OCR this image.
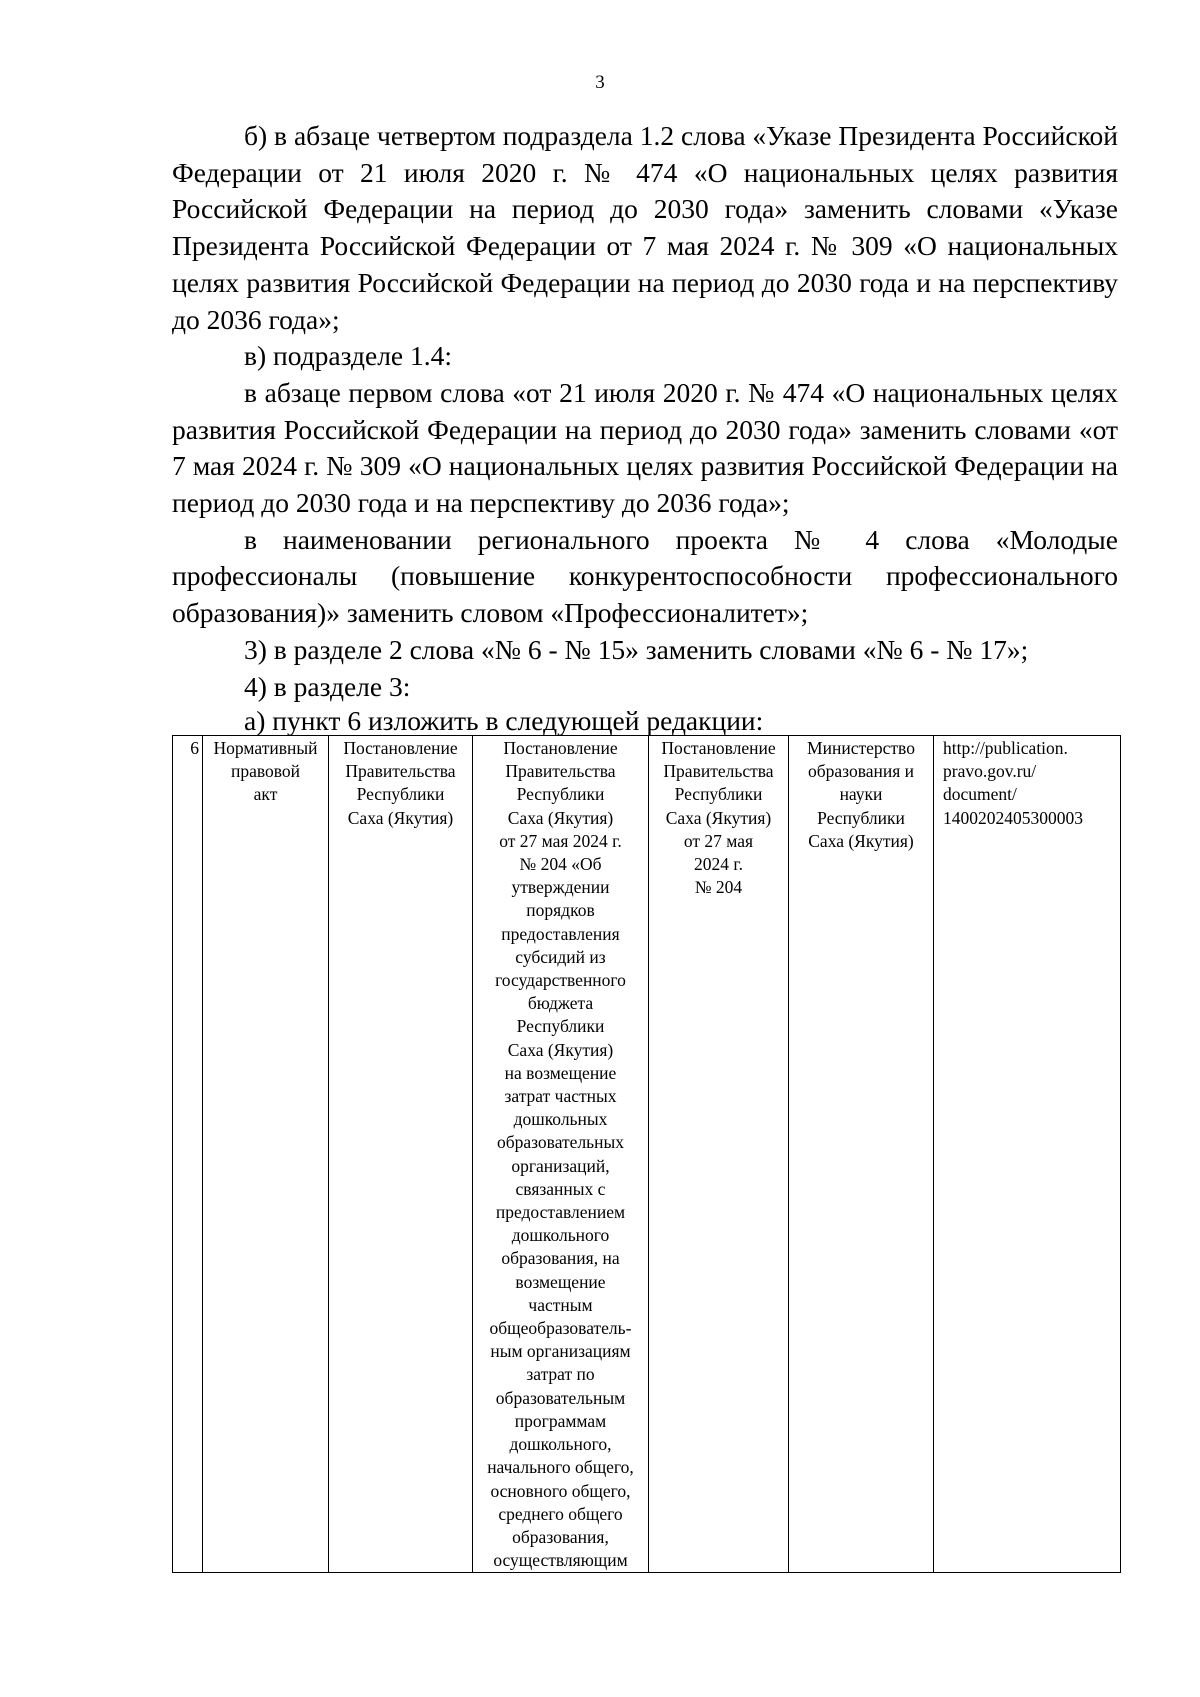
3

б) в абзаце четвертом подраздела 1.2 слова «Указе Президента Российской Федерации от 21 июля 2020 г. № 474 «О национальных целях развития Российской Федерации на период до 2030 года» заменить словами «Указе Президента Российской Федерации от 7 мая 2024 г. № 309 «О национальных целях развития Российской Федерации на период до 2030 года и на перспективу до 2036 года»;

в) подразделе 1.4:

в абзаце первом слова «от 21 июля 2020 г. № 474 «О национальных целях развития Российской Федерации на период до 2030 года» заменить словами «от 7 мая 2024 г. № 309 «О национальных целях развития Российской Федерации на период до 2030 года и на перспективу до 2036 года»;

в наименовании регионального проекта № 4 слова «Молодые профессионалы (повышение конкурентоспособности профессионального образования)» заменить словом «Профессионалитет»;

3) в разделе 2 слова «№ 6 - № 15» заменить словами «№ 6 - № 17»;

4) в разделе 3:

а) пункт 6 изложить в следующей редакции:
6	Нормативный
правовой
акт	Постановление
Правительства
Республики
Саха (Якутия)	Постановление
Правительства
Республики
Саха (Якутия)
от 27 мая 2024 г.
№ 204 «Об
утверждении
порядков
предоставления
субсидий из
государственного
бюджета
Республики
Саха (Якутия)
на возмещение
затрат частных
дошкольных
образовательных
организаций,
связанных с
предоставлением
дошкольного
образования, на
возмещение
частным
общеобразователь-
ным организациям
затрат по
образовательным
программам
дошкольного,
начального общего,
основного общего,
среднего общего
образования,
осуществляющим	Постановление
Правительства
Республики
Саха (Якутия)
от 27 мая
2024 г.
№ 204	Министерство
образования и
науки
Республики
Саха (Якутия)	http://publication.
pravo.gov.ru/
document/
1400202405300003
